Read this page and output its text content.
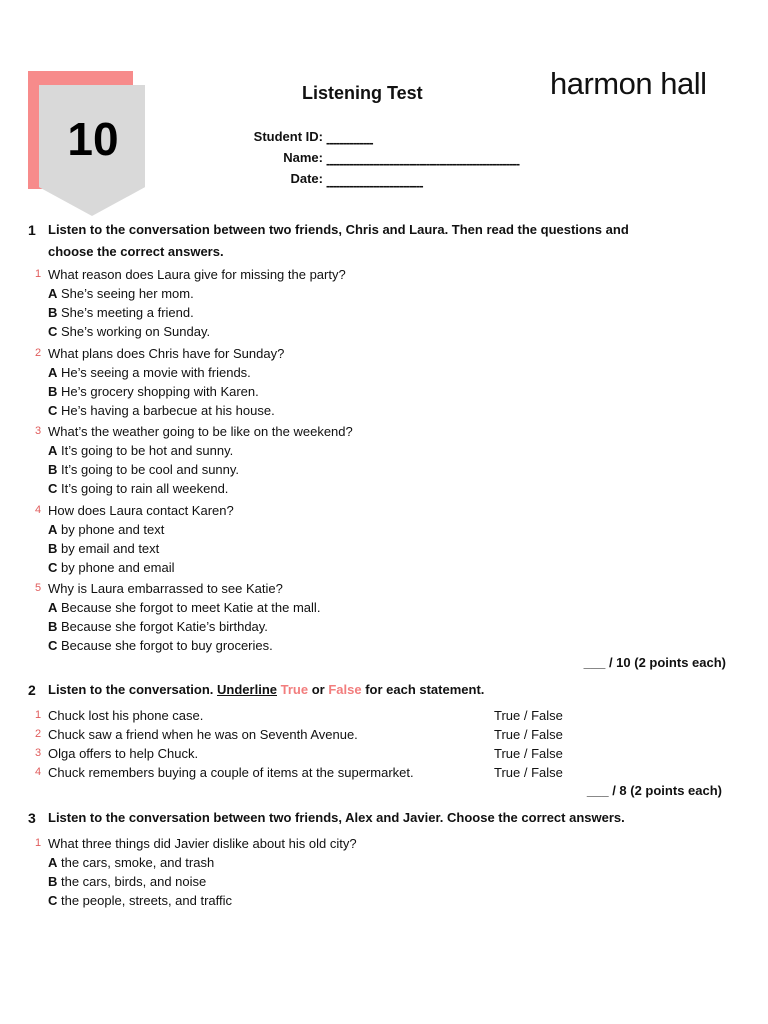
10
Listening Test	harmon hall
Student ID: --------------
Name: ----------------------------------------------------------
Date: -----------------------------
1 Listen to the conversation between two friends, Chris and Laura. Then read the questions and
choose the correct answers.
1 What reason does Laura give for missing the party?
A She’s seeing her mom.
B She’s meeting a friend.
C She’s working on Sunday.
2 What plans does Chris have for Sunday?
A He’s seeing a movie with friends.
B He’s grocery shopping with Karen.
C He’s having a barbecue at his house.
3 What’s the weather going to be like on the weekend?
A It’s going to be hot and sunny.
B It’s going to be cool and sunny.
C It’s going to rain all weekend.
4 How does Laura contact Karen?
A by phone and text
B by email and text
C by phone and email
5 Why is Laura embarrassed to see Katie?
A Because she forgot to meet Katie at the mall.
B Because she forgot Katie’s birthday.
C Because she forgot to buy groceries.
___ / 10 (2 points each)
2 Listen to the conversation. Underline True or False for each statement.
1 Chuck lost his phone case.	True / False
2 Chuck saw a friend when he was on Seventh Avenue.	True / False
3 Olga offers to help Chuck.	True / False
4 Chuck remembers buying a couple of items at the supermarket.	True / False
___ / 8 (2 points each)
3 Listen to the conversation between two friends, Alex and Javier. Choose the correct answers.
1 What three things did Javier dislike about his old city?
A the cars, smoke, and trash
B the cars, birds, and noise
C the people, streets, and traffic
